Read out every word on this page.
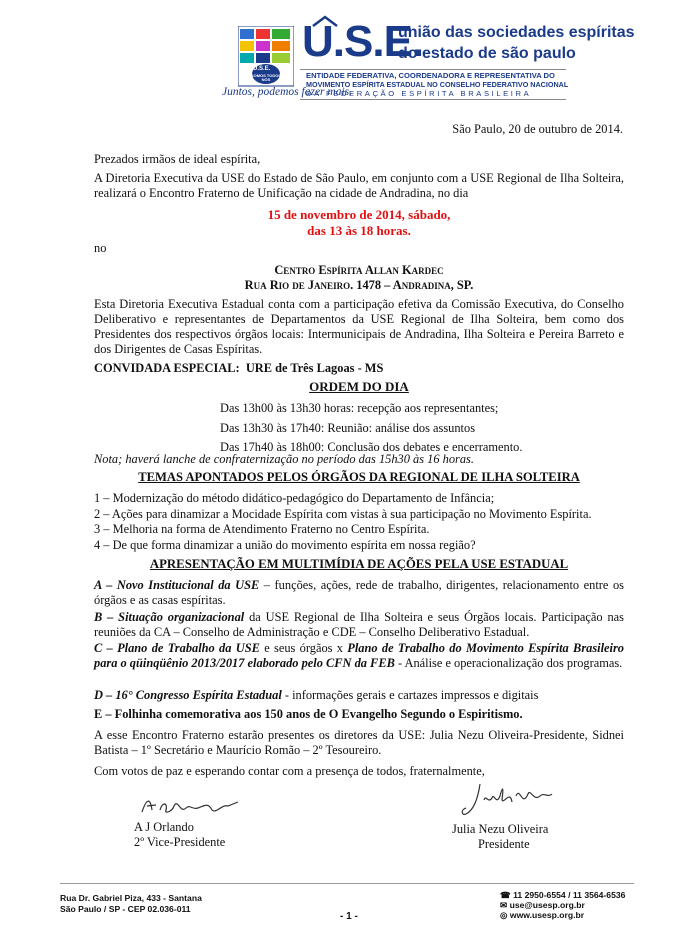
U.S.E.
SOMOS TODOS NÓS
Juntos, podemos fazer mais.
U.S.E.
união das sociedades espíritas
do estado de são paulo
ENTIDADE FEDERATIVA, COORDENADORA E REPRESENTATIVA DO
MOVIMENTO ESPÍRITA ESTADUAL NO CONSELHO FEDERATIVO NACIONAL
DA FEDERAÇÃO ESPÍRITA BRASILEIRA
São Paulo, 20 de outubro de 2014.
Prezados irmãos de ideal espírita,
A Diretoria Executiva da USE do Estado de São Paulo, em conjunto com a USE Regional de Ilha Solteira, realizará o Encontro Fraterno de Unificação na cidade de Andradina, no dia
15 de novembro de 2014, sábado,
das 13 às 18 horas.
no
Centro Espírita Allan Kardec
Rua Rio de Janeiro. 1478 – Andradina, SP.
Esta Diretoria Executiva Estadual conta com a participação efetiva da Comissão Executiva, do Conselho Deliberativo e representantes de Departamentos da USE Regional de Ilha Solteira, bem como dos Presidentes dos respectivos órgãos locais: Intermunicipais de Andradina, Ilha Solteira e Pereira Barreto e dos Dirigentes de Casas Espíritas.
CONVIDADA ESPECIAL: URE de Três Lagoas - MS
ORDEM DO DIA
Das 13h00 às 13h30 horas: recepção aos representantes;
Das 13h30 às 17h40: Reunião: análise dos assuntos
Das 17h40 às 18h00: Conclusão dos debates e encerramento.
Nota; haverá lanche de confraternização no período das 15h30 às 16 horas.
TEMAS APONTADOS PELOS ÓRGÃOS DA REGIONAL DE ILHA SOLTEIRA
1 – Modernização do método didático-pedagógico do Departamento de Infância;
2 – Ações para dinamizar a Mocidade Espírita com vistas à sua participação no Movimento Espírita.
3 – Melhoria na forma de Atendimento Fraterno no Centro Espírita.
4 – De que forma dinamizar a união do movimento espírita em nossa região?
APRESENTAÇÃO EM MULTIMÍDIA DE AÇÕES PELA USE ESTADUAL
A – Novo Institucional da USE – funções, ações, rede de trabalho, dirigentes, relacionamento entre os órgãos e as casas espíritas.
B – Situação organizacional da USE Regional de Ilha Solteira e seus Órgãos locais. Participação nas reuniões da CA – Conselho de Administração e CDE – Conselho Deliberativo Estadual.
C – Plano de Trabalho da USE e seus órgãos x Plano de Trabalho do Movimento Espírita Brasileiro para o qüinqüênio 2013/2017 elaborado pelo CFN da FEB - Análise e operacionalização dos programas.
D – 16° Congresso Espírita Estadual - informações gerais e cartazes impressos e digitais
E – Folhinha comemorativa aos 150 anos de O Evangelho Segundo o Espiritismo.
A esse Encontro Fraterno estarão presentes os diretores da USE: Julia Nezu Oliveira-Presidente, Sidnei Batista – 1º Secretário e Maurício Romão – 2º Tesoureiro.
Com votos de paz e esperando contar com a presença de todos, fraternalmente,
A J Orlando
2º Vice-Presidente
Julia Nezu Oliveira
Presidente
Rua Dr. Gabriel Piza, 433 - Santana
São Paulo / SP - CEP 02.036-011
- 1 -
☎ 11 2950-6554 / 11 3564-6536
✉ use@usesp.org.br
◎ www.usesp.org.br
